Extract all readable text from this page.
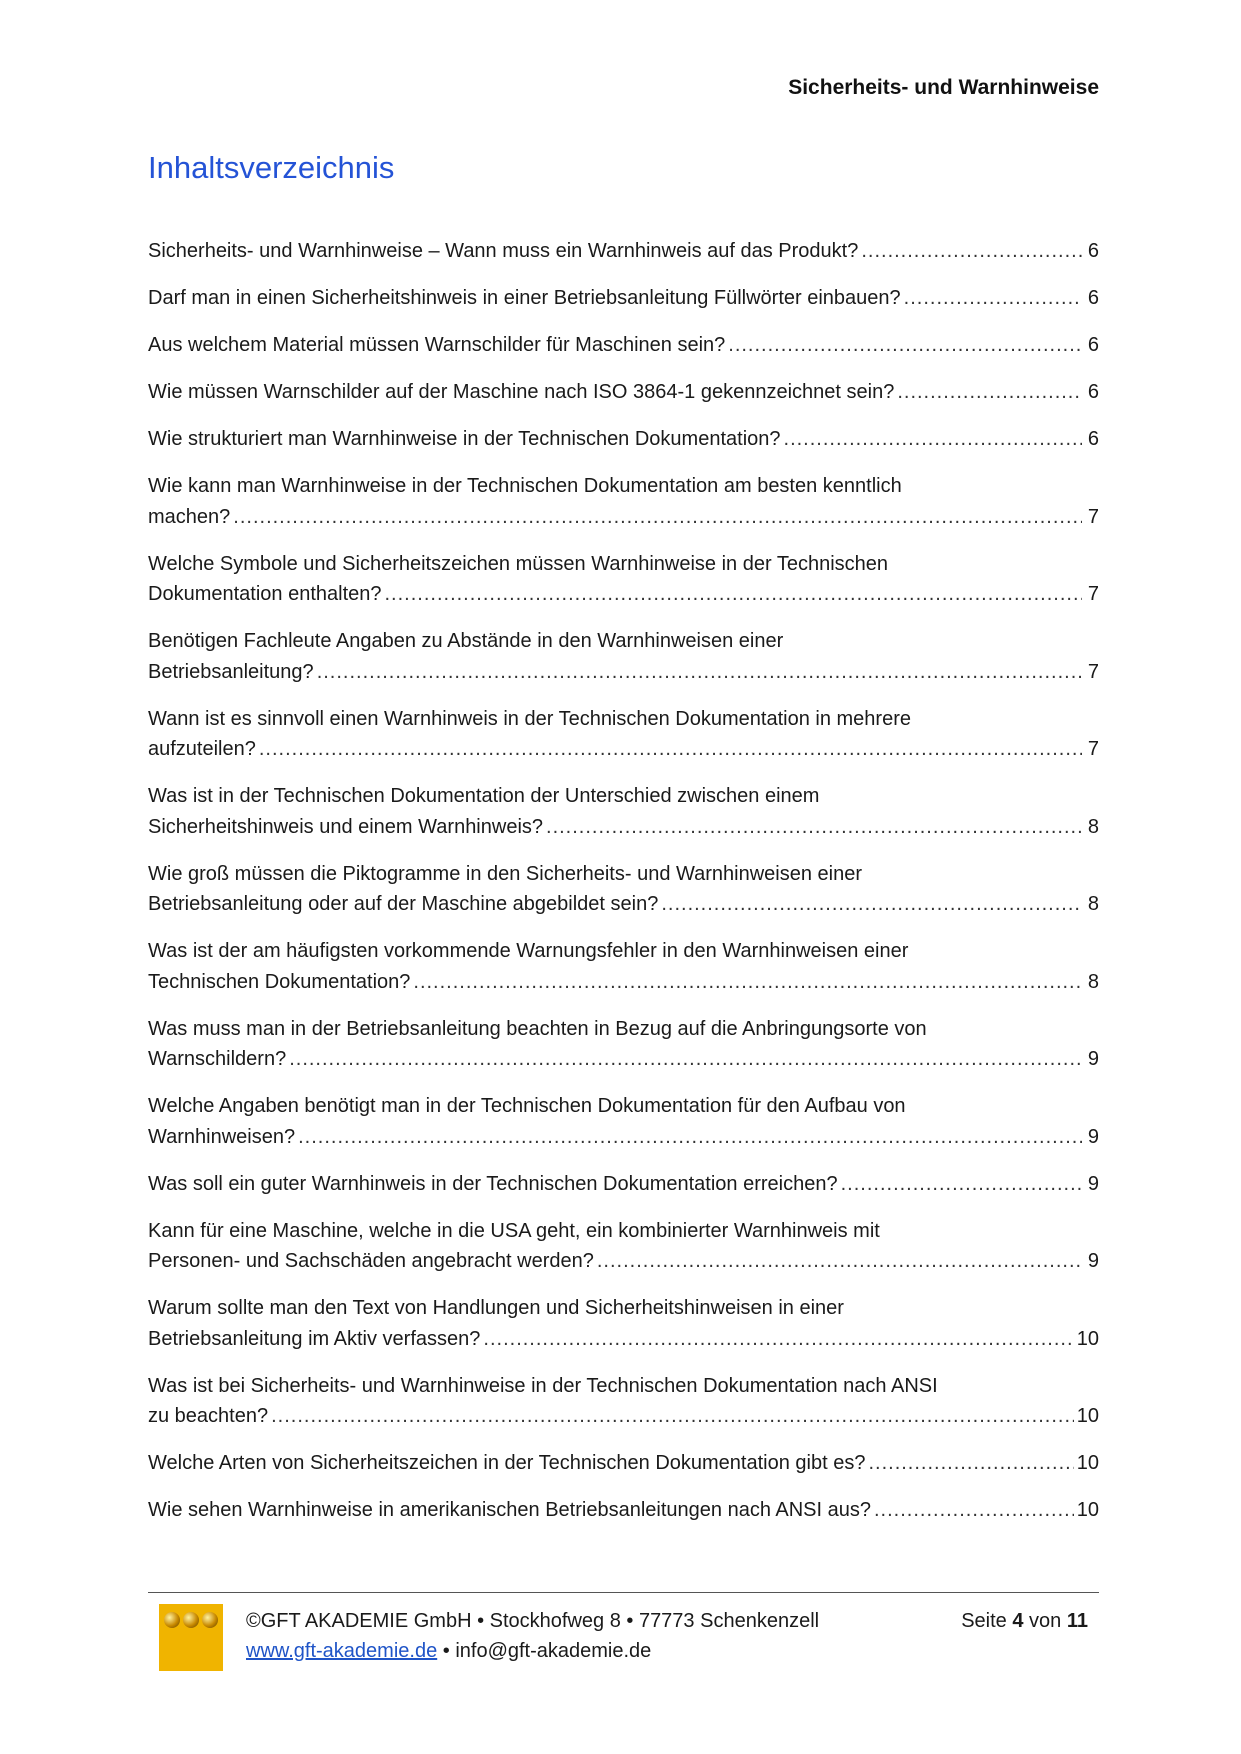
Sicherheits- und Warnhinweise
Inhaltsverzeichnis
Sicherheits- und Warnhinweise – Wann muss ein Warnhinweis auf das Produkt? .....	6
Darf man in einen Sicherheitshinweis in einer Betriebsanleitung Füllwörter einbauen? .....	6
Aus welchem Material müssen Warnschilder für Maschinen sein? .....	6
Wie müssen Warnschilder auf der Maschine nach ISO 3864-1 gekennzeichnet sein? .....	6
Wie strukturiert man Warnhinweise in der Technischen Dokumentation? .....	6
Wie kann man Warnhinweise in der Technischen Dokumentation am besten kenntlich
machen? .....	7
Welche Symbole und Sicherheitszeichen müssen Warnhinweise in der Technischen
Dokumentation enthalten? .....	7
Benötigen Fachleute Angaben zu Abstände in den Warnhinweisen einer
Betriebsanleitung? .....	7
Wann ist es sinnvoll einen Warnhinweis in der Technischen Dokumentation in mehrere
aufzuteilen? .....	7
Was ist in der Technischen Dokumentation der Unterschied zwischen einem
Sicherheitshinweis und einem Warnhinweis? .....	8
Wie groß müssen die Piktogramme in den Sicherheits- und Warnhinweisen einer
Betriebsanleitung oder auf der Maschine abgebildet sein? .....	8
Was ist der am häufigsten vorkommende Warnungsfehler in den Warnhinweisen einer
Technischen Dokumentation? .....	8
Was muss man in der Betriebsanleitung beachten in Bezug auf die Anbringungsorte von
Warnschildern? .....	9
Welche Angaben benötigt man in der Technischen Dokumentation für den Aufbau von
Warnhinweisen? .....	9
Was soll ein guter Warnhinweis in der Technischen Dokumentation erreichen? .....	9
Kann für eine Maschine, welche in die USA geht, ein kombinierter Warnhinweis mit
Personen- und Sachschäden angebracht werden? .....	9
Warum sollte man den Text von Handlungen und Sicherheitshinweisen in einer
Betriebsanleitung im Aktiv verfassen? .....	10
Was ist bei Sicherheits- und Warnhinweise in der Technischen Dokumentation nach ANSI
zu beachten? .....	10
Welche Arten von Sicherheitszeichen in der Technischen Dokumentation gibt es? .....	10
Wie sehen Warnhinweise in amerikanischen Betriebsanleitungen nach ANSI aus? .....	10
©GFT AKADEMIE GmbH • Stockhofweg 8 • 77773 Schenkenzell
www.gft-akademie.de • info@gft-akademie.de
Seite 4 von 11
